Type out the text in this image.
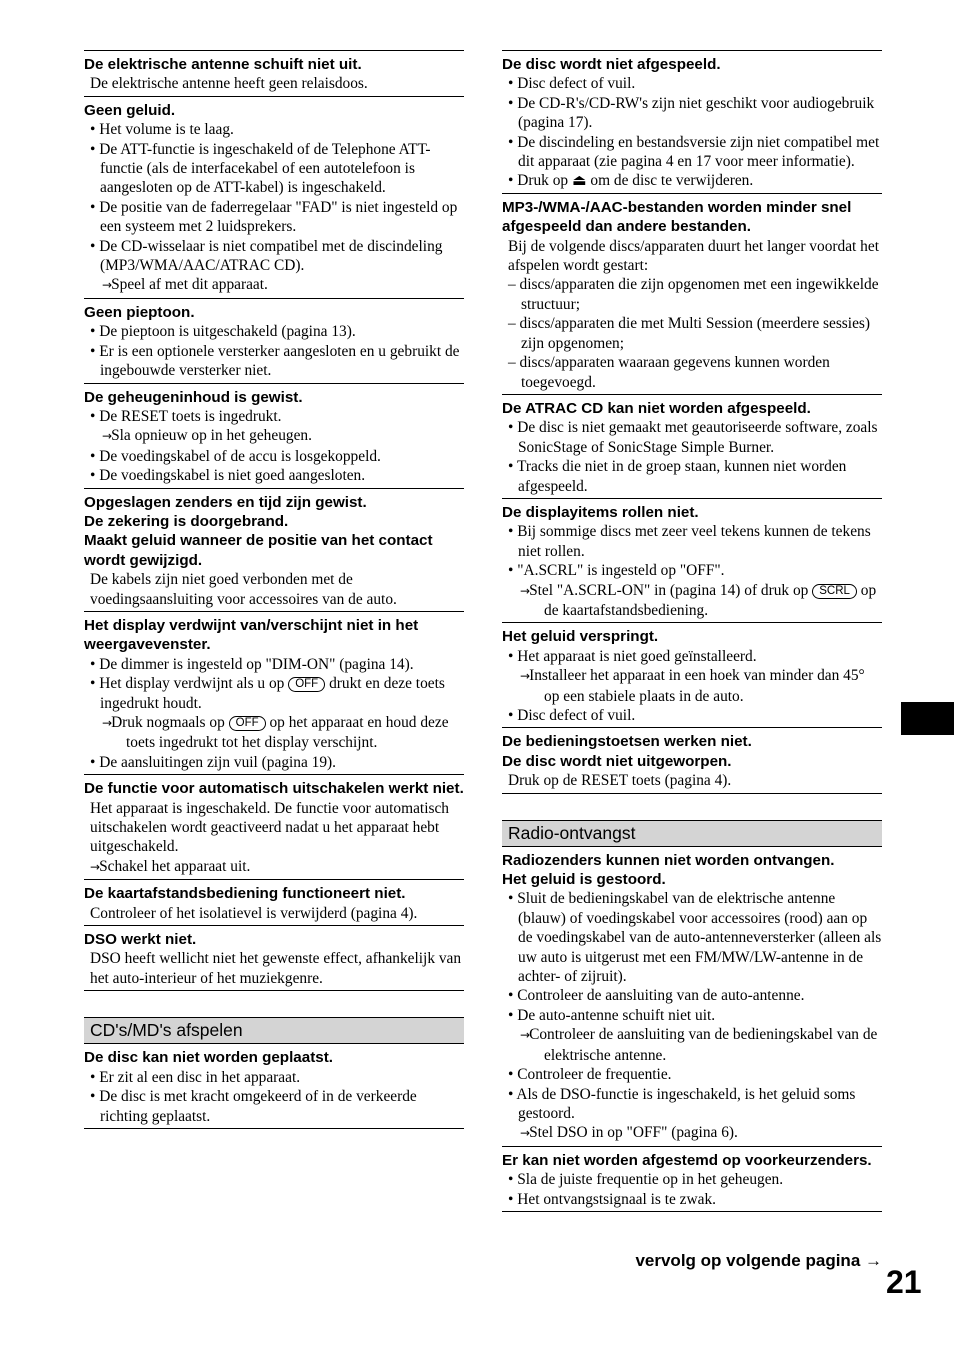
De elektrische antenne schuift niet uit.
De elektrische antenne heeft geen relaisdoos.
Geen geluid.
• Het volume is te laag.
• De ATT-functie is ingeschakeld of de Telephone ATT-functie (als de interfacekabel of een autotelefoon is aangesloten op de ATT-kabel) is ingeschakeld.
• De positie van de faderregelaar "FAD" is niet ingesteld op een systeem met 2 luidsprekers.
• De CD-wisselaar is niet compatibel met de discindeling (MP3/WMA/AAC/ATRAC CD).
→Speel af met dit apparaat.
Geen pieptoon.
• De pieptoon is uitgeschakeld (pagina 13).
• Er is een optionele versterker aangesloten en u gebruikt de ingebouwde versterker niet.
De geheugeninhoud is gewist.
• De RESET toets is ingedrukt.
→Sla opnieuw op in het geheugen.
• De voedingskabel of de accu is losgekoppeld.
• De voedingskabel is niet goed aangesloten.
Opgeslagen zenders en tijd zijn gewist.
De zekering is doorgebrand.
Maakt geluid wanneer de positie van het contact wordt gewijzigd.
De kabels zijn niet goed verbonden met de voedingsaansluiting voor accessoires van de auto.
Het display verdwijnt van/verschijnt niet in het weergavevenster.
• De dimmer is ingesteld op "DIM-ON" (pagina 14).
• Het display verdwijnt als u op OFF drukt en deze toets ingedrukt houdt.
→Druk nogmaals op OFF op het apparaat en houd deze toets ingedrukt tot het display verschijnt.
• De aansluitingen zijn vuil (pagina 19).
De functie voor automatisch uitschakelen werkt niet.
Het apparaat is ingeschakeld. De functie voor automatisch uitschakelen wordt geactiveerd nadat u het apparaat hebt uitgeschakeld.
→Schakel het apparaat uit.
De kaartafstandsbediening functioneert niet.
Controleer of het isolatievel is verwijderd (pagina 4).
DSO werkt niet.
DSO heeft wellicht niet het gewenste effect, afhankelijk van het auto-interieur of het muziekgenre.
CD's/MD's afspelen
De disc kan niet worden geplaatst.
• Er zit al een disc in het apparaat.
• De disc is met kracht omgekeerd of in de verkeerde richting geplaatst.
De disc wordt niet afgespeeld.
• Disc defect of vuil.
• De CD-R's/CD-RW's zijn niet geschikt voor audiogebruik (pagina 17).
• De discindeling en bestandsversie zijn niet compatibel met dit apparaat (zie pagina 4 en 17 voor meer informatie).
• Druk op ⏏ om de disc te verwijderen.
MP3-/WMA-/AAC-bestanden worden minder snel afgespeeld dan andere bestanden.
Bij de volgende discs/apparaten duurt het langer voordat het afspelen wordt gestart:
– discs/apparaten die zijn opgenomen met een ingewikkelde structuur;
– discs/apparaten die met Multi Session (meerdere sessies) zijn opgenomen;
– discs/apparaten waaraan gegevens kunnen worden toegevoegd.
De ATRAC CD kan niet worden afgespeeld.
• De disc is niet gemaakt met geautoriseerde software, zoals SonicStage of SonicStage Simple Burner.
• Tracks die niet in de groep staan, kunnen niet worden afgespeeld.
De displayitems rollen niet.
• Bij sommige discs met zeer veel tekens kunnen de tekens niet rollen.
• "A.SCRL" is ingesteld op "OFF".
→Stel "A.SCRL-ON" in (pagina 14) of druk op SCRL op de kaartafstandsbediening.
Het geluid verspringt.
• Het apparaat is niet goed geïnstalleerd.
→Installeer het apparaat in een hoek van minder dan 45° op een stabiele plaats in de auto.
• Disc defect of vuil.
De bedieningstoetsen werken niet.
De disc wordt niet uitgeworpen.
Druk op de RESET toets (pagina 4).
Radio-ontvangst
Radiozenders kunnen niet worden ontvangen.
Het geluid is gestoord.
• Sluit de bedieningskabel van de elektrische antenne (blauw) of voedingskabel voor accessoires (rood) aan op de voedingskabel van de auto-antenneversterker (alleen als uw auto is uitgerust met een FM/MW/LW-antenne in de achter- of zijruit).
• Controleer de aansluiting van de auto-antenne.
• De auto-antenne schuift niet uit.
→Controleer de aansluiting van de bedieningskabel van de elektrische antenne.
• Controleer de frequentie.
• Als de DSO-functie is ingeschakeld, is het geluid soms gestoord.
→Stel DSO in op "OFF" (pagina 6).
Er kan niet worden afgestemd op voorkeurzenders.
• Sla de juiste frequentie op in het geheugen.
• Het ontvangstsignaal is te zwak.
vervolg op volgende pagina →
21
